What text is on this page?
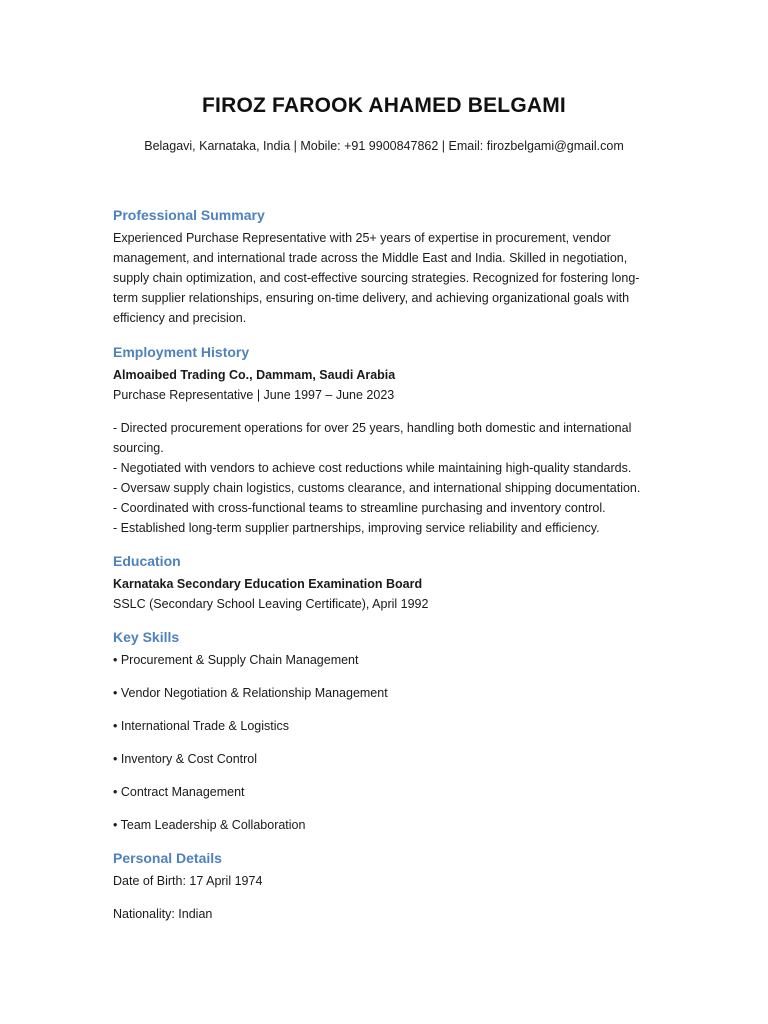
FIROZ FAROOK AHAMED BELGAMI

Belagavi, Karnataka, India | Mobile: +91 9900847862 | Email: firozbelgami@gmail.com

Professional Summary

Experienced Purchase Representative with 25+ years of expertise in procurement, vendor management, and international trade across the Middle East and India. Skilled in negotiation, supply chain optimization, and cost-effective sourcing strategies. Recognized for fostering long-term supplier relationships, ensuring on-time delivery, and achieving organizational goals with efficiency and precision.

Employment History

Almoaibed Trading Co., Dammam, Saudi Arabia

Purchase Representative | June 1997 – June 2023

- Directed procurement operations for over 25 years, handling both domestic and international sourcing.
- Negotiated with vendors to achieve cost reductions while maintaining high-quality standards.
- Oversaw supply chain logistics, customs clearance, and international shipping documentation.
- Coordinated with cross-functional teams to streamline purchasing and inventory control.
- Established long-term supplier partnerships, improving service reliability and efficiency.
Education

Karnataka Secondary Education Examination Board

SSLC (Secondary School Leaving Certificate), April 1992

Key Skills
• Procurement & Supply Chain Management
• Vendor Negotiation & Relationship Management
• International Trade & Logistics
• Inventory & Cost Control
• Contract Management
• Team Leadership & Collaboration
Personal Details

Date of Birth: 17 April 1974

Nationality: Indian
